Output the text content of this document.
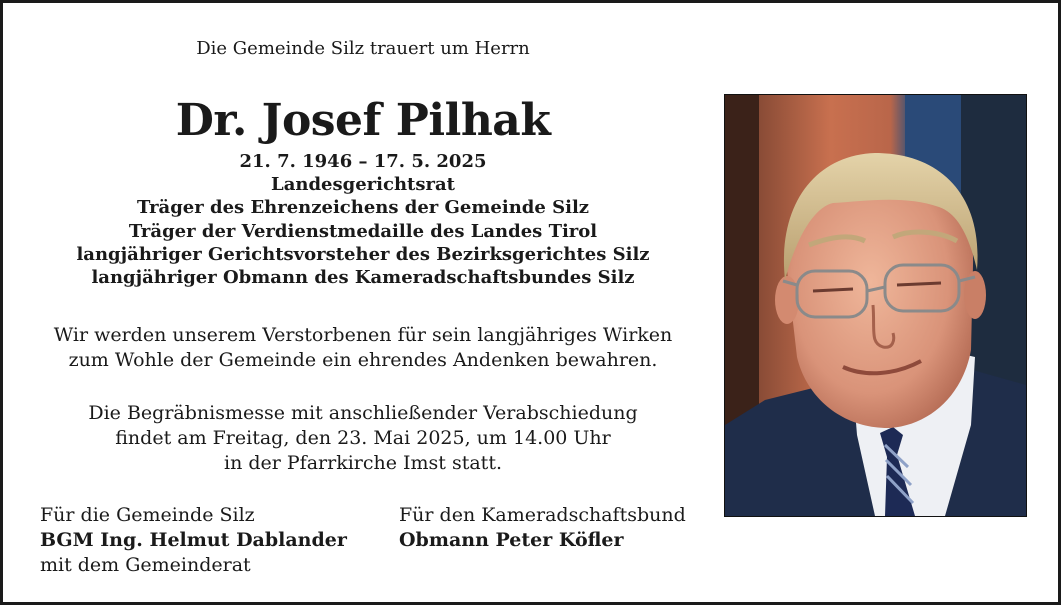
Die Gemeinde Silz trauert um Herrn
Dr. Josef Pilhak
21. 7. 1946 – 17. 5. 2025
Landesgerichtsrat
Träger des Ehrenzeichens der Gemeinde Silz
Träger der Verdienstmedaille des Landes Tirol
langjähriger Gerichtsvorsteher des Bezirksgerichtes Silz
langjähriger Obmann des Kameradschaftsbundes Silz
Wir werden unserem Verstorbenen für sein langjähriges Wirken
zum Wohle der Gemeinde ein ehrendes Andenken bewahren.
Die Begräbnismesse mit anschließender Verabschiedung
findet am Freitag, den 23. Mai 2025, um 14.00 Uhr
in der Pfarrkirche Imst statt.
Für die Gemeinde Silz
BGM Ing. Helmut Dablander
mit dem Gemeinderat
Für den Kameradschaftsbund
Obmann Peter Köfler
